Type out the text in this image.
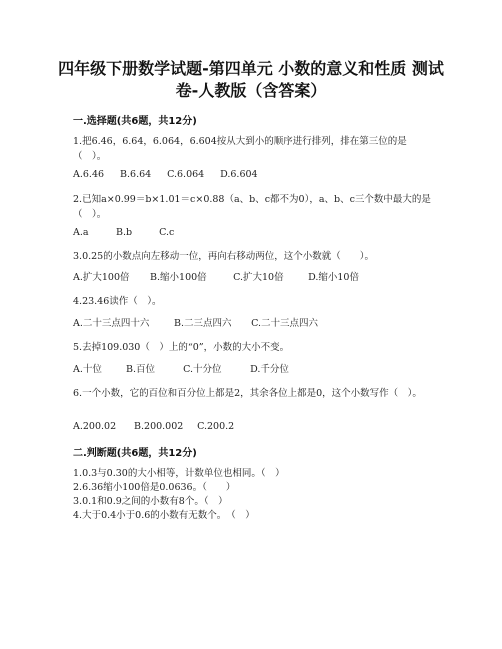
四年级下册数学试题-第四单元 小数的意义和性质 测试卷-人教版（含答案）
一.选择题(共6题，共12分)
1.把6.46，6.64，6.064，6.604按从大到小的顺序进行排列，排在第三位的是（　）。
A.6.46 B.6.64 C.6.064 D.6.604
2.已知a×0.99＝b×1.01＝c×0.88（a、b、c都不为0），a、b、c三个数中最大的是（　）。
A.a	B.b	C.c
3.0.25的小数点向左移动一位，再向右移动两位，这个小数就（　　）。
A.扩大100倍 B.缩小100倍	C.扩大10倍	D.缩小10倍
4.23.46读作（　）。
A.二十三点四十六	B.二三点四六 C.二十三点四六
5.去掉109.030（　）上的“0”，小数的大小不变。
A.十位	B.百位	C.十分位	D.千分位
6.一个小数，它的百位和百分位上都是2，其余各位上都是0，这个小数写作（　）。
A.200.02 B.200.002 C.200.2
二.判断题(共6题，共12分)
1.0.3与0.30的大小相等，计数单位也相同。（　）
2.6.36缩小100倍是0.0636。（　　）
3.0.1和0.9之间的小数有8个。（　）
4.大于0.4小于0.6的小数有无数个。　（　）
